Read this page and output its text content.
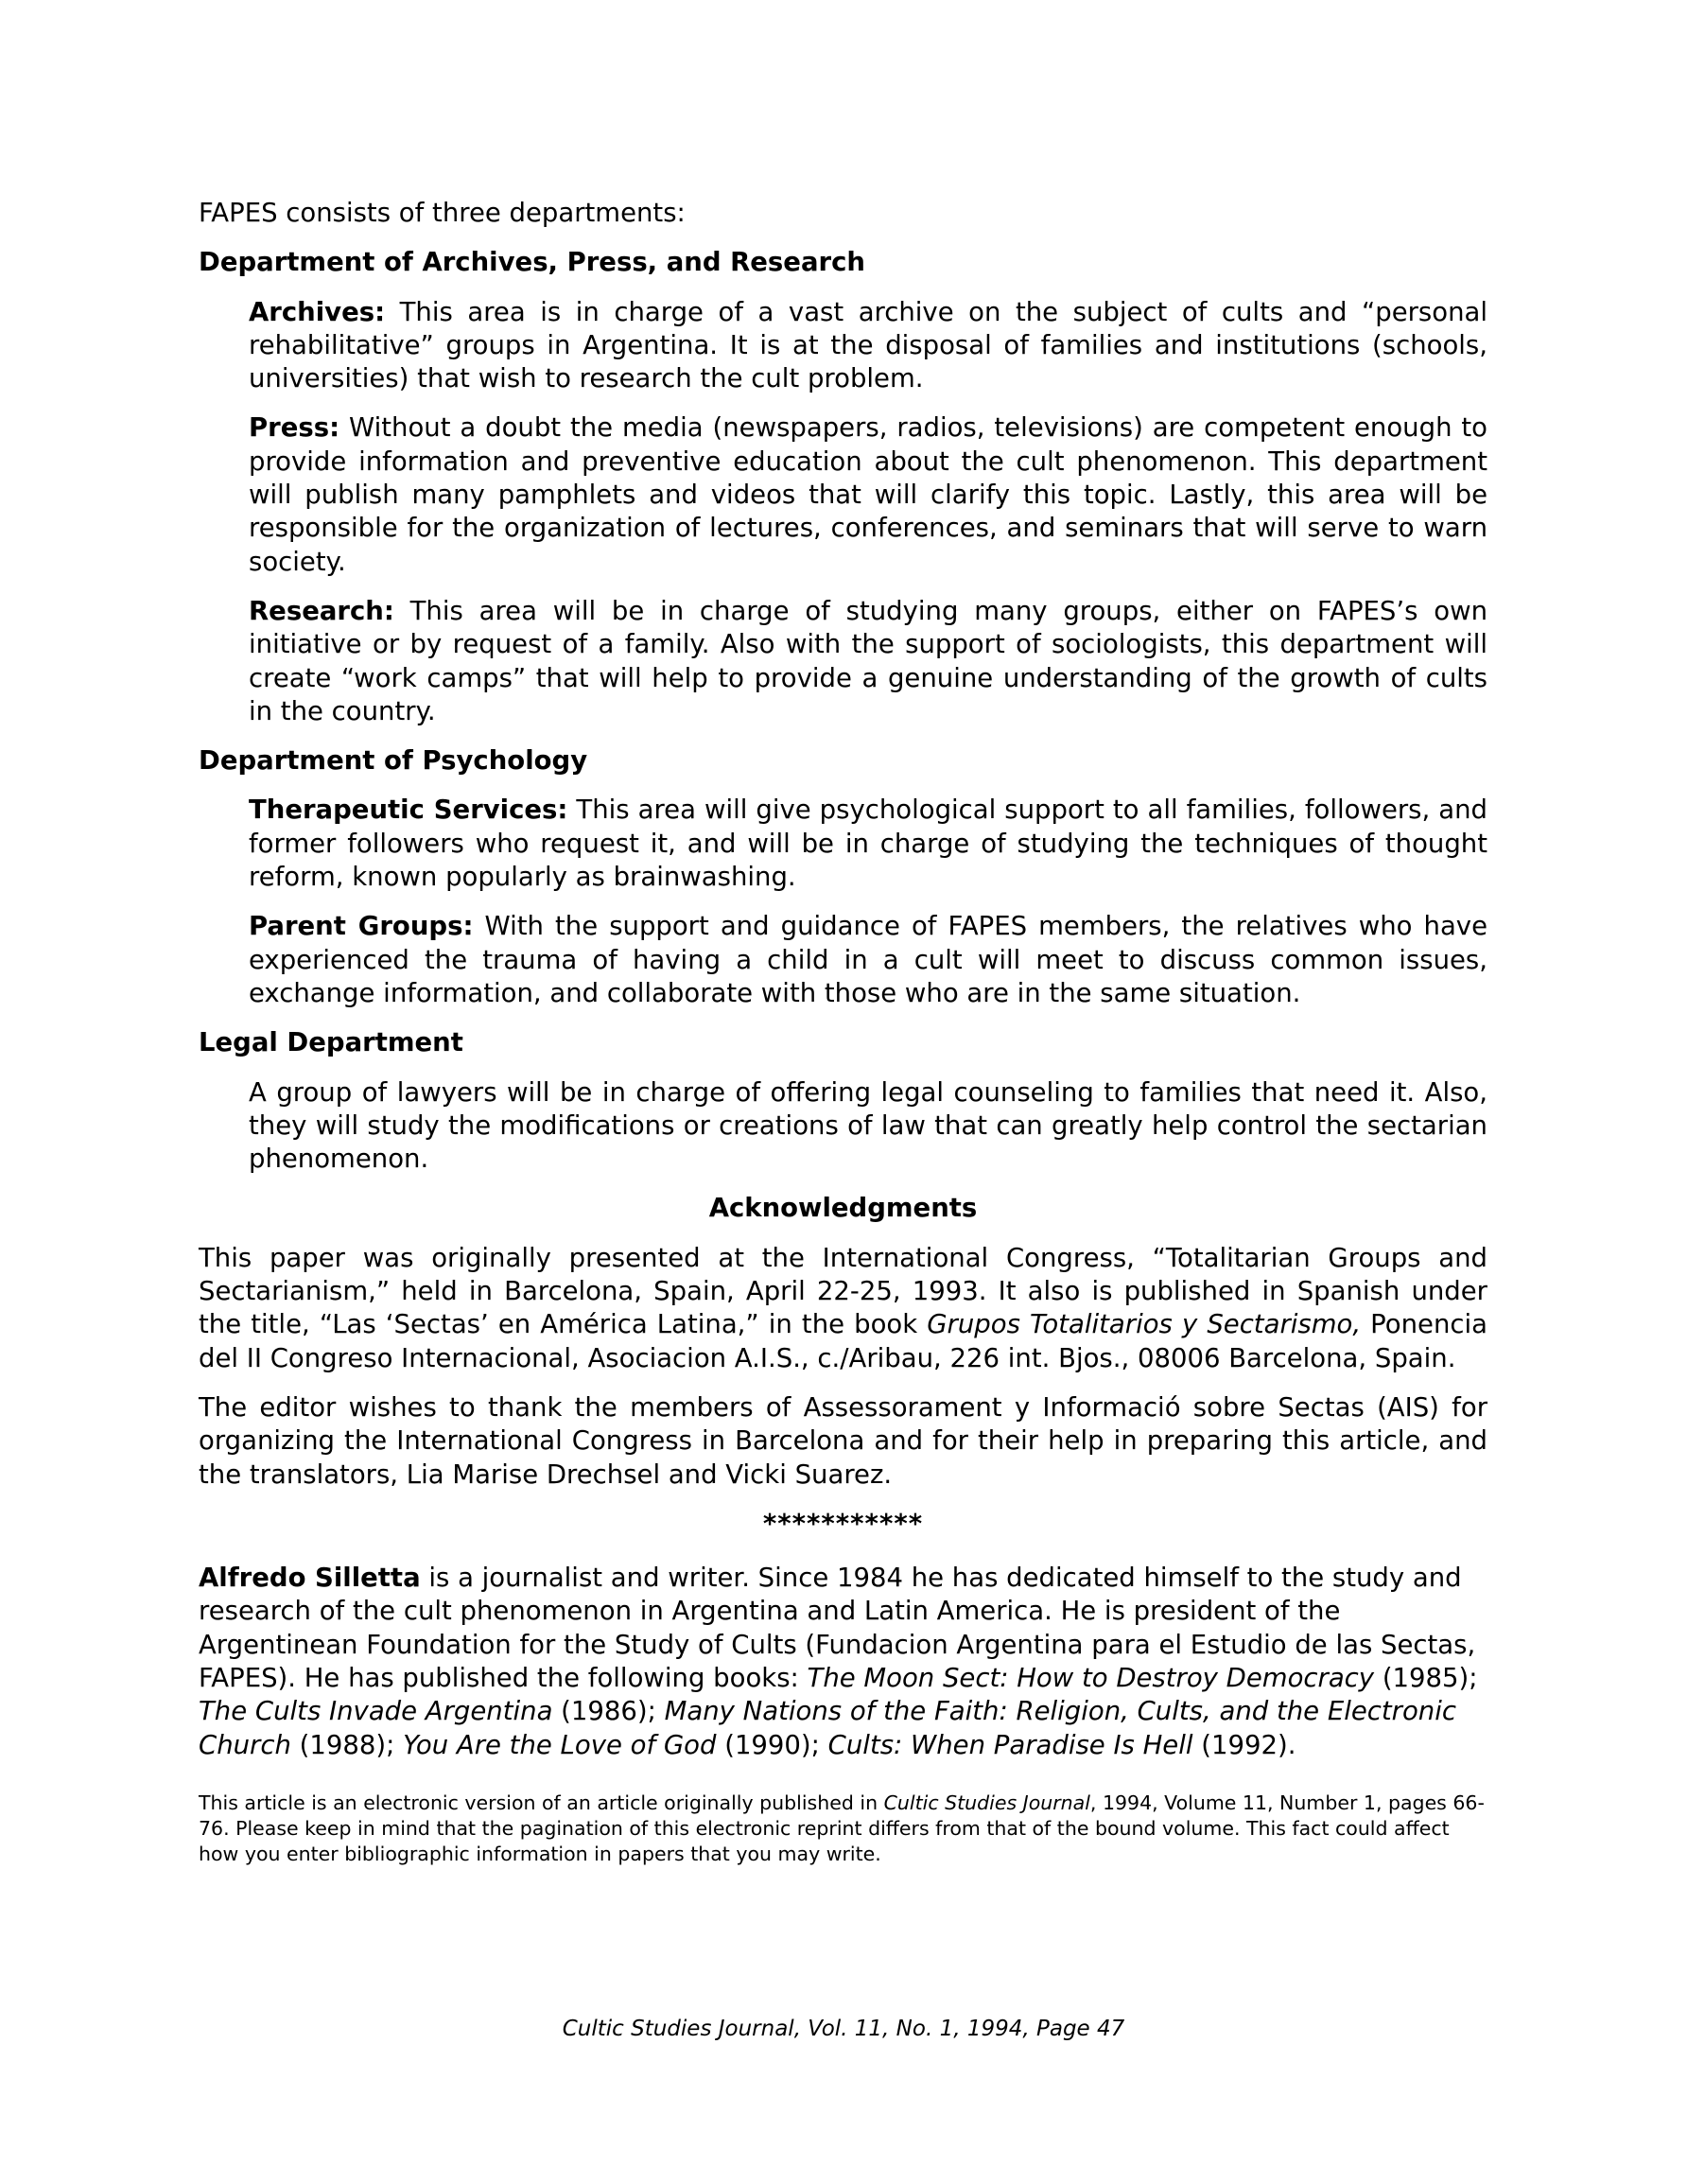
FAPES consists of three departments:

Department of Archives, Press, and Research

Archives: This area is in charge of a vast archive on the subject of cults and “personal rehabilitative” groups in Argentina. It is at the disposal of families and institutions (schools, universities) that wish to research the cult problem.

Press: Without a doubt the media (newspapers, radios, televisions) are competent enough to provide information and preventive education about the cult phenomenon. This department will publish many pamphlets and videos that will clarify this topic. Lastly, this area will be responsible for the organization of lectures, conferences, and seminars that will serve to warn society.

Research: This area will be in charge of studying many groups, either on FAPES’s own initiative or by request of a family. Also with the support of sociologists, this department will create “work camps” that will help to provide a genuine understanding of the growth of cults in the country.

Department of Psychology

Therapeutic Services: This area will give psychological support to all families, followers, and former followers who request it, and will be in charge of studying the techniques of thought reform, known popularly as brainwashing.

Parent Groups: With the support and guidance of FAPES members, the relatives who have experienced the trauma of having a child in a cult will meet to discuss common issues, exchange information, and collaborate with those who are in the same situation.

Legal Department

A group of lawyers will be in charge of offering legal counseling to families that need it. Also, they will study the modifications or creations of law that can greatly help control the sectarian phenomenon.

Acknowledgments

This paper was originally presented at the International Congress, “Totalitarian Groups and Sectarianism,” held in Barcelona, Spain, April 22-25, 1993. It also is published in Spanish under the title, “Las ‘Sectas’ en América Latina,” in the book Grupos Totalitarios y Sectarismo, Ponencia del II Congreso Internacional, Asociacion A.I.S., c./Aribau, 226 int. Bjos., 08006 Barcelona, Spain.

The editor wishes to thank the members of Assessorament y Informació sobre Sectas (AIS) for organizing the International Congress in Barcelona and for their help in preparing this article, and the translators, Lia Marise Drechsel and Vicki Suarez.

***********

Alfredo Silletta is a journalist and writer. Since 1984 he has dedicated himself to the study and research of the cult phenomenon in Argentina and Latin America. He is president of the Argentinean Foundation for the Study of Cults (Fundacion Argentina para el Estudio de las Sectas, FAPES). He has published the following books: The Moon Sect: How to Destroy Democracy (1985); The Cults Invade Argentina (1986); Many Nations of the Faith: Religion, Cults, and the Electronic Church (1988); You Are the Love of God (1990); Cults: When Paradise Is Hell (1992).

This article is an electronic version of an article originally published in Cultic Studies Journal, 1994, Volume 11, Number 1, pages 66-76. Please keep in mind that the pagination of this electronic reprint differs from that of the bound volume. This fact could affect how you enter bibliographic information in papers that you may write.

Cultic Studies Journal, Vol. 11, No. 1, 1994, Page 47
